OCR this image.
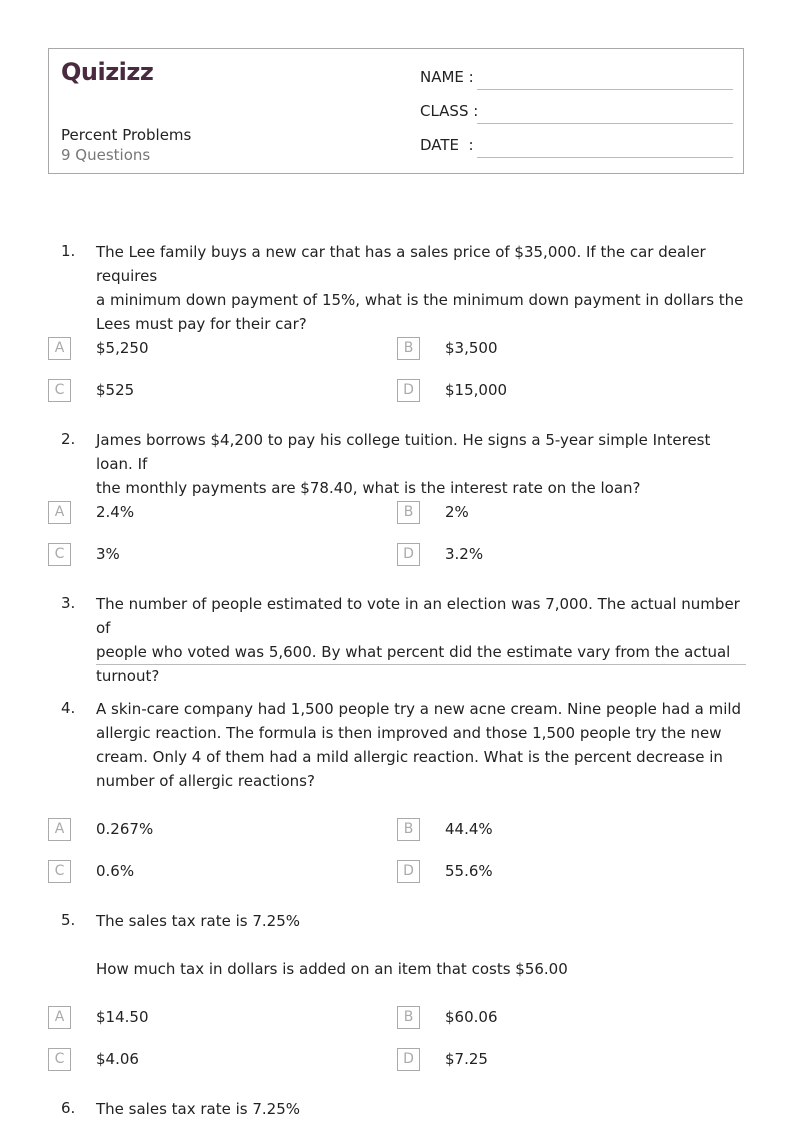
Quizizz
Percent Problems
9 Questions
NAME :
CLASS :
DATE  :
1. The Lee family buys a new car that has a sales price of $35,000. If the car dealer requires
a minimum down payment of 15%, what is the minimum down payment in dollars the
Lees must pay for their car?
A	$5,250	B	$3,500
C	$525	D	$15,000
2. James borrows $4,200 to pay his college tuition. He signs a 5-year simple Interest loan. If
the monthly payments are $78.40, what is the interest rate on the loan?
A	2.4%	B	2%
C	3%	D	3.2%
3. The number of people estimated to vote in an election was 7,000. The actual number of
people who voted was 5,600. By what percent did the estimate vary from the actual
turnout?
4. A skin-care company had 1,500 people try a new acne cream. Nine people had a mild
allergic reaction. The formula is then improved and those 1,500 people try the new
cream. Only 4 of them had a mild allergic reaction. What is the percent decrease in
number of allergic reactions?
A	0.267%	B	44.4%
C	0.6%	D	55.6%
5. The sales tax rate is 7.25%
How much tax in dollars is added on an item that costs $56.00
A	$14.50	B	$60.06
C	$4.06	D	$7.25
6. The sales tax rate is 7.25%
